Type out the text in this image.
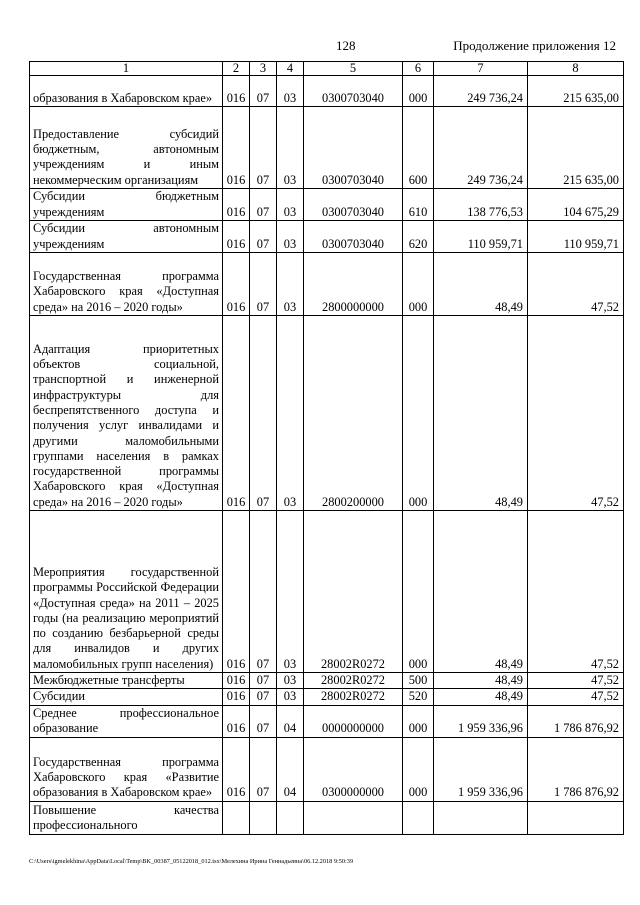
128	Продолжение приложения 12
1	2	3	4	5	6	7	8
образования в Хабаровском крае»	016	07	03	0300703040	000	249 736,24	215 635,00
Предоставление субсидий бюджетным, автономным учреждениям и иным некоммерческим организациям	016	07	03	0300703040	600	249 736,24	215 635,00
Субсидии бюджетным учреждениям	016	07	03	0300703040	610	138 776,53	104 675,29
Субсидии автономным учреждениям	016	07	03	0300703040	620	110 959,71	110 959,71
Государственная программа Хабаровского края «Доступная среда» на 2016 – 2020 годы»	016	07	03	2800000000	000	48,49	47,52
Адаптация приоритетных объектов социальной, транспортной и инженерной инфраструктуры для беспрепятственного доступа и получения услуг инвалидами и другими маломобильными группами населения в рамках государственной программы Хабаровского края «Доступная среда» на 2016 – 2020 годы»	016	07	03	2800200000	000	48,49	47,52
Мероприятия государственной программы Российской Федерации «Доступная среда» на 2011 – 2025 годы (на реализацию мероприятий по созданию безбарьерной среды для инвалидов и других маломобильных групп населения)	016	07	03	28002R0272	000	48,49	47,52
Межбюджетные трансферты	016	07	03	28002R0272	500	48,49	47,52
Субсидии	016	07	03	28002R0272	520	48,49	47,52
Среднее профессиональное образование	016	07	04	0000000000	000	1 959 336,96	1 786 876,92
Государственная программа Хабаровского края «Развитие образования в Хабаровском крае»	016	07	04	0300000000	000	1 959 336,96	1 786 876,92
Повышение качества профессионального							
C:\Users\igmelekhina\AppData\Local\Temp\BK_00387_05122018_012.tsx\Мелехина Ирина Геннадьевна\06.12.2018 9:50:39
